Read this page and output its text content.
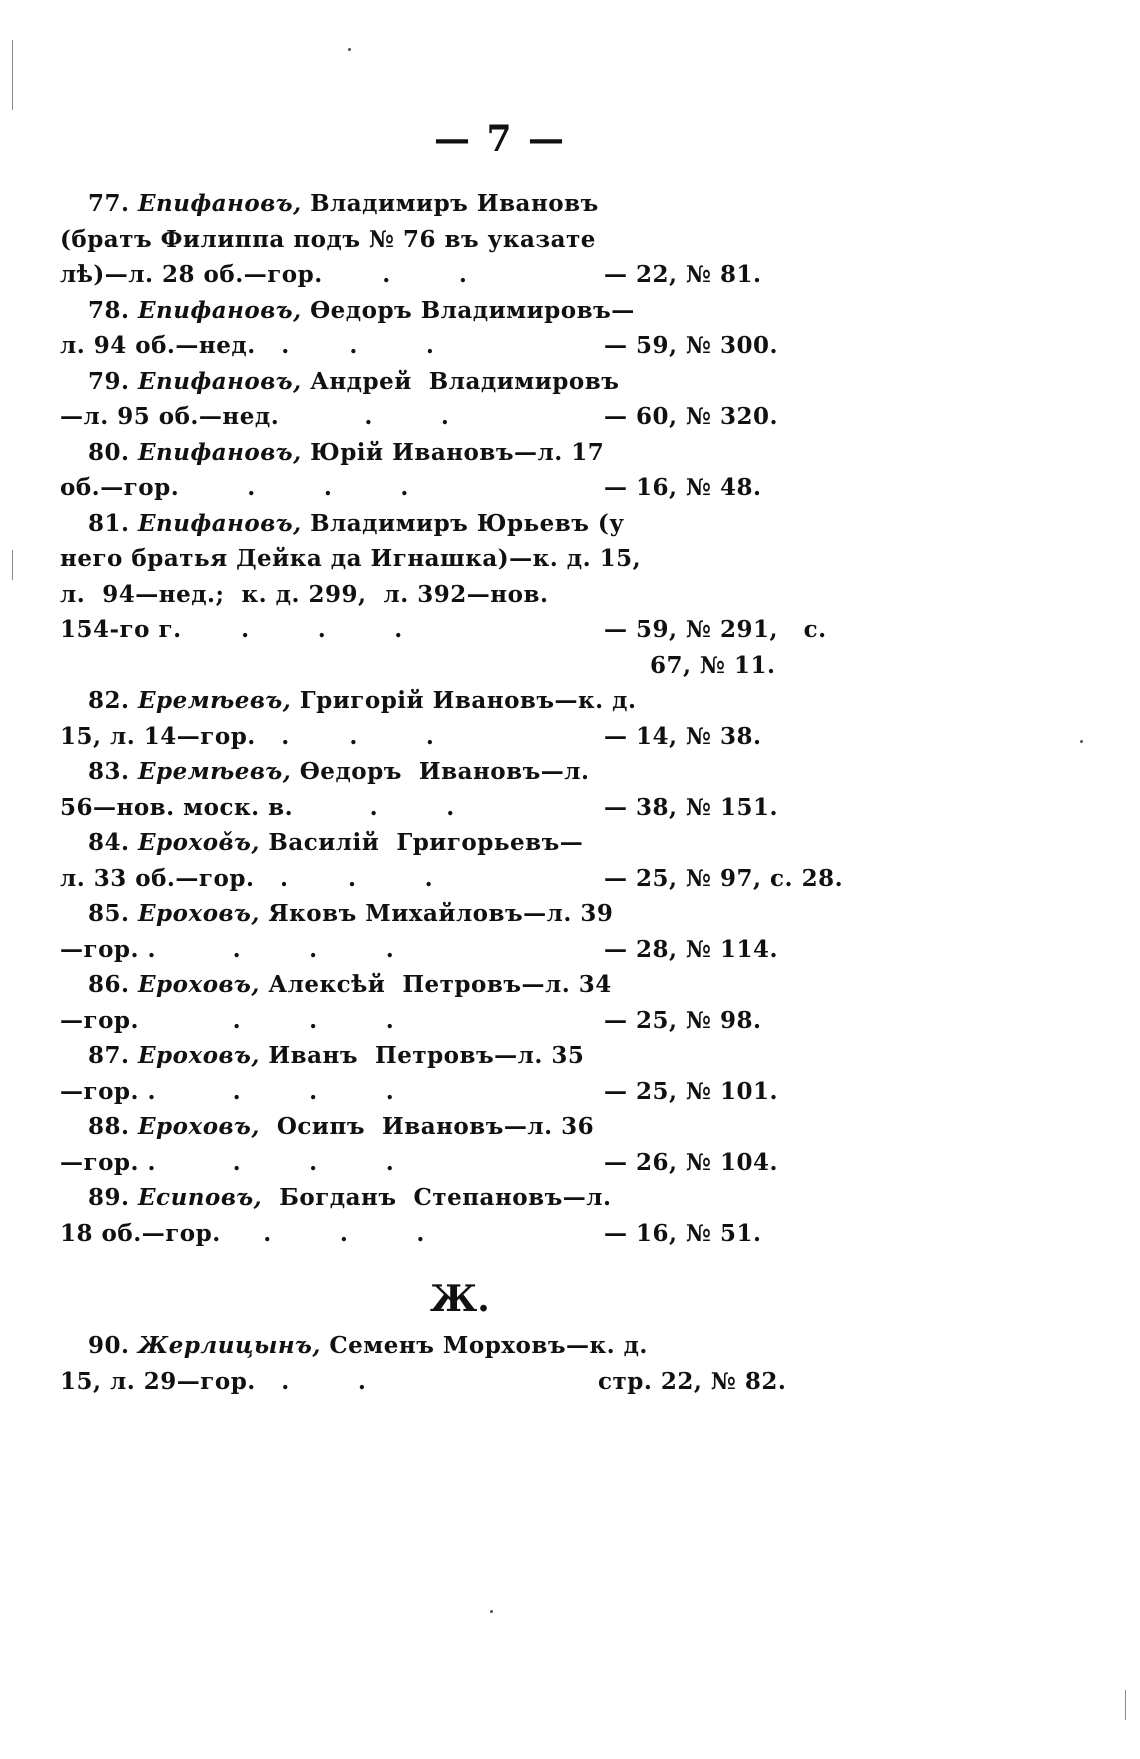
— 7 —
77. Епифановъ, Владимиръ Ивановъ
(братъ Филиппа подъ № 76 въ указате
лѣ)—л. 28 об.—гор.       .        .	— 22, № 81.
78. Епифановъ, Өедоръ Владимировъ—
л. 94 об.—нед.   .       .        .	— 59, № 300.
79. Епифановъ, Андрей  Владимировъ
—л. 95 об.—нед.          .        .	— 60, № 320.
80. Епифановъ, Юрій Ивановъ—л. 17
об.—гор.        .        .        .	— 16, № 48.
81. Епифановъ, Владимиръ Юрьевъ (у
него братья Дейка да Игнашка)—к. д. 15,
л.  94—нед.;  к. д. 299,  л. 392—нов.
154-го г.       .        .        .	— 59, № 291,   с.
67, № 11.
82. Еремѣевъ, Григорій Ивановъ—к. д.
15, л. 14—гор.   .       .        .	— 14, № 38.
83. Еремѣевъ, Өедоръ  Ивановъ—л.
56—нов. моск. в.         .        .	— 38, № 151.
84. Ерохов̌ъ, Василій  Григорьевъ—
л. 33 об.—гор.   .       .        .	— 25, № 97, с. 28.
85. Ероховъ, Яковъ Михайловъ—л. 39
—гор. .         .        .        .	— 28, № 114.
86. Ероховъ, Алексѣй  Петровъ—л. 34
—гор.           .        .        .	— 25, № 98.
87. Ероховъ, Иванъ  Петровъ—л. 35
—гор. .         .        .        .	— 25, № 101.
88. Ероховъ,  Осипъ  Ивановъ—л. 36
—гор. .         .        .        .	— 26, № 104.
89. Есиповъ,  Богданъ  Степановъ—л.
18 об.—гор.     .        .        .	— 16, № 51.
Ж.
90. Жерлицынъ, Семенъ Морховъ—к. д.
15, л. 29—гор.   .        .	стр. 22, № 82.
